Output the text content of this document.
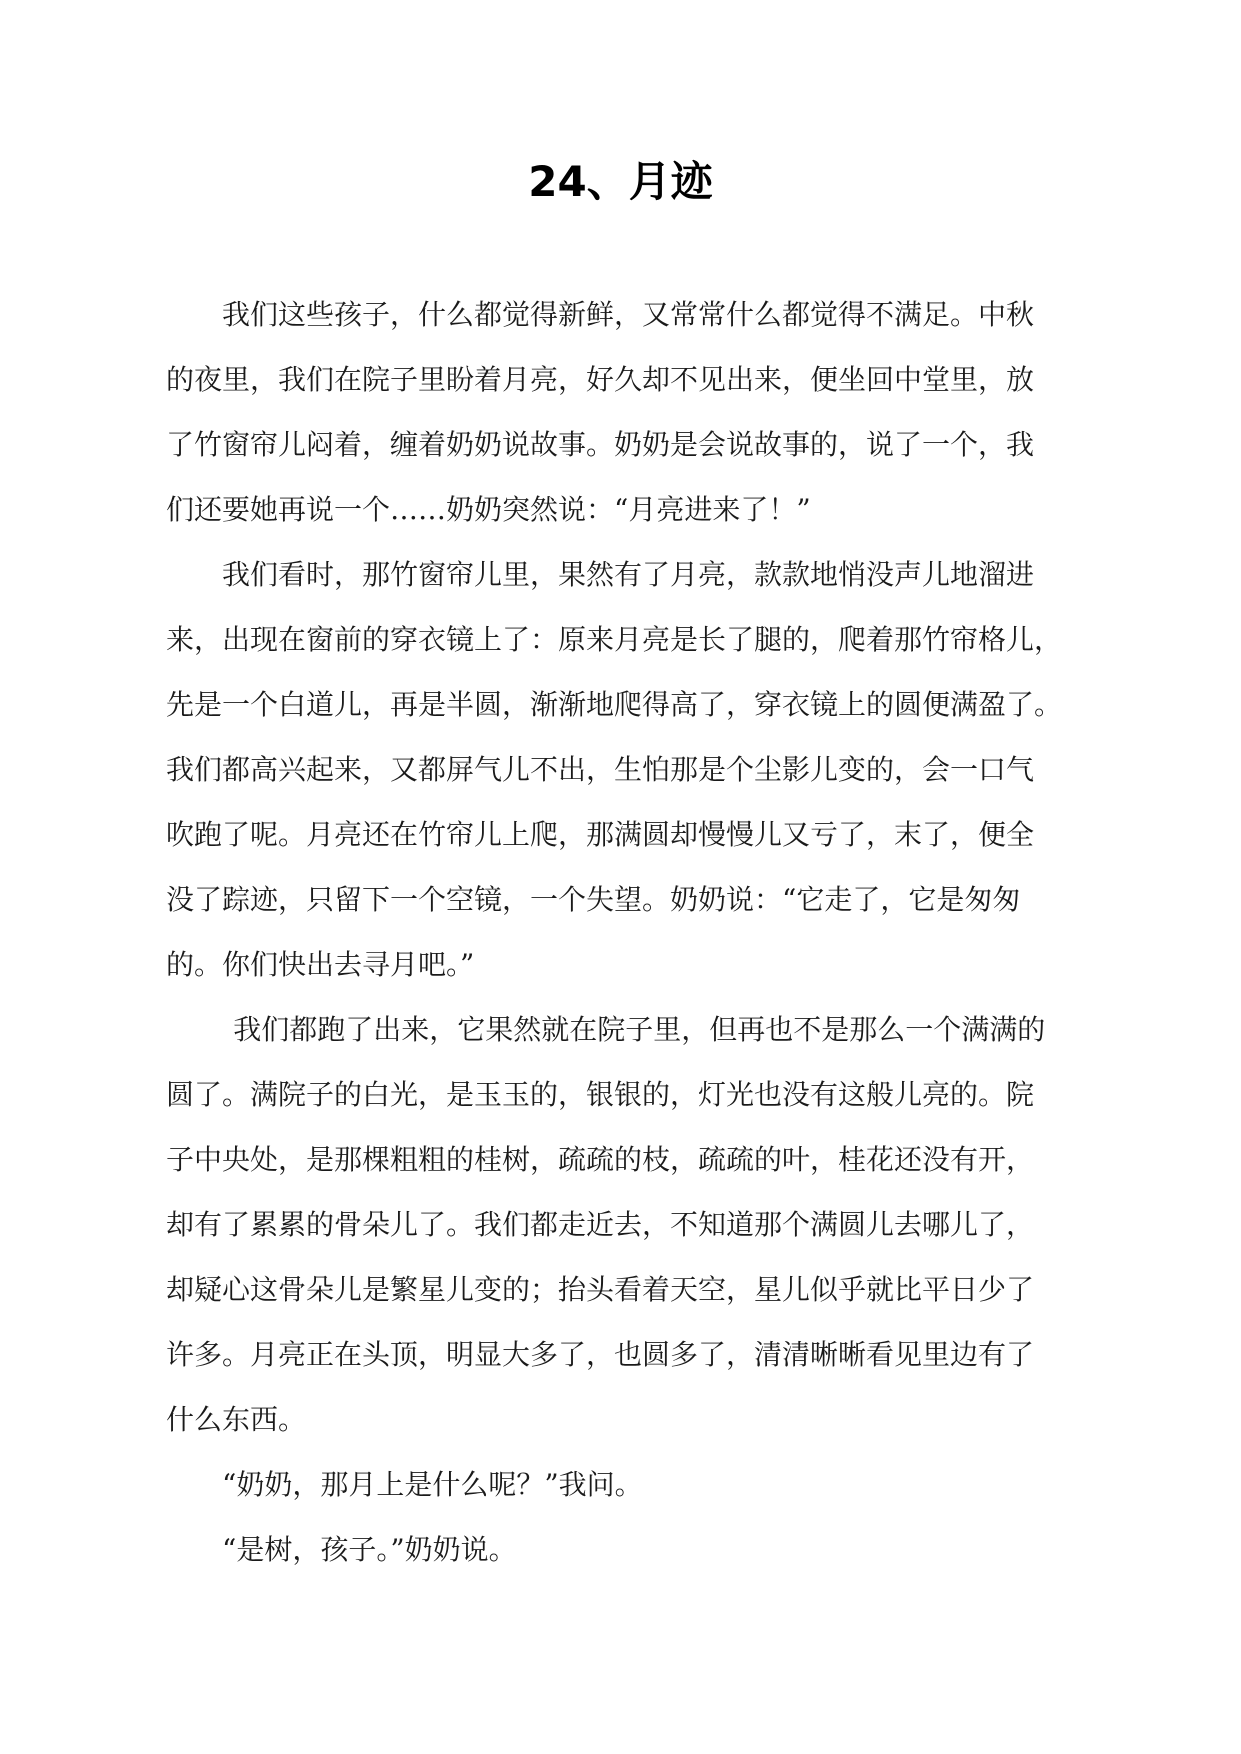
24、月迹

我们这些孩子，什么都觉得新鲜，又常常什么都觉得不满足。中秋
的夜里，我们在院子里盼着月亮，好久却不见出来，便坐回中堂里，放
了竹窗帘儿闷着，缠着奶奶说故事。奶奶是会说故事的，说了一个，我
们还要她再说一个……奶奶突然说：“月亮进来了！”

我们看时，那竹窗帘儿里，果然有了月亮，款款地悄没声儿地溜进
来，出现在窗前的穿衣镜上了：原来月亮是长了腿的，爬着那竹帘格儿，
先是一个白道儿，再是半圆，渐渐地爬得高了，穿衣镜上的圆便满盈了。
我们都高兴起来，又都屏气儿不出，生怕那是个尘影儿变的，会一口气
吹跑了呢。月亮还在竹帘儿上爬，那满圆却慢慢儿又亏了，末了，便全
没了踪迹，只留下一个空镜，一个失望。奶奶说：“它走了，它是匆匆
的。你们快出去寻月吧。”

我们都跑了出来，它果然就在院子里，但再也不是那么一个满满的
圆了。满院子的白光，是玉玉的，银银的，灯光也没有这般儿亮的。院
子中央处，是那棵粗粗的桂树，疏疏的枝，疏疏的叶，桂花还没有开，
却有了累累的骨朵儿了。我们都走近去，不知道那个满圆儿去哪儿了，
却疑心这骨朵儿是繁星儿变的；抬头看着天空，星儿似乎就比平日少了
许多。月亮正在头顶，明显大多了，也圆多了，清清晰晰看见里边有了
什么东西。

“奶奶，那月上是什么呢？”我问。

“是树，孩子。”奶奶说。
